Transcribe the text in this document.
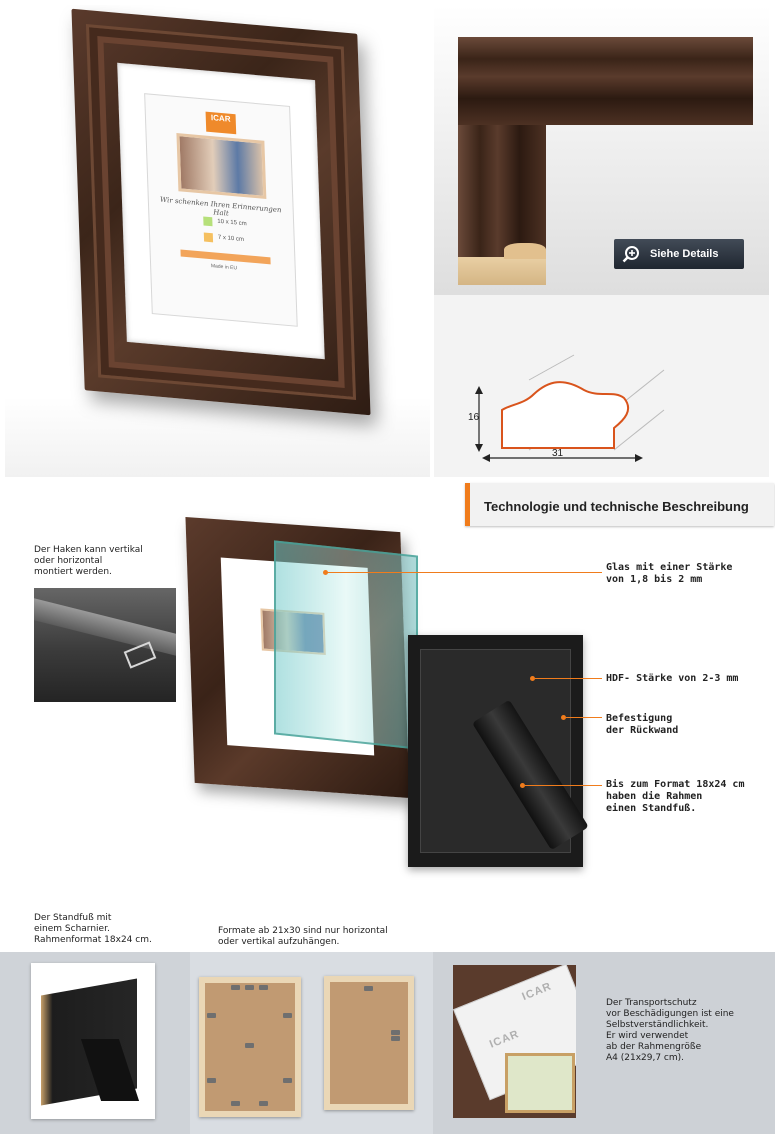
ICAR
Wir schenken Ihren Erinnerungen Halt
10 x 15 cm
7 x 10 cm
Made in EU
Siehe Details
16
31
Technologie und technische Beschreibung
Der Haken kann vertikal
oder horizontal
montiert werden.	Glas mit einer Stärke
von 1,8 bis 2 mm
HDF- Stärke von 2-3 mm
Befestigung
der Rückwand
Bis zum Format 18x24 cm
haben die Rahmen
einen Standfuß.
Der Standfuß mit
einem Scharnier.
Rahmenformat 18x24 cm.
Formate ab 21x30 sind nur horizontal
oder vertikal aufzuhängen.
ICAR
ICAR	Der Transportschutz
vor Beschädigungen ist eine
Selbstverständlichkeit.
Er wird verwendet
ab der Rahmengröße
A4 (21x29,7 cm).
